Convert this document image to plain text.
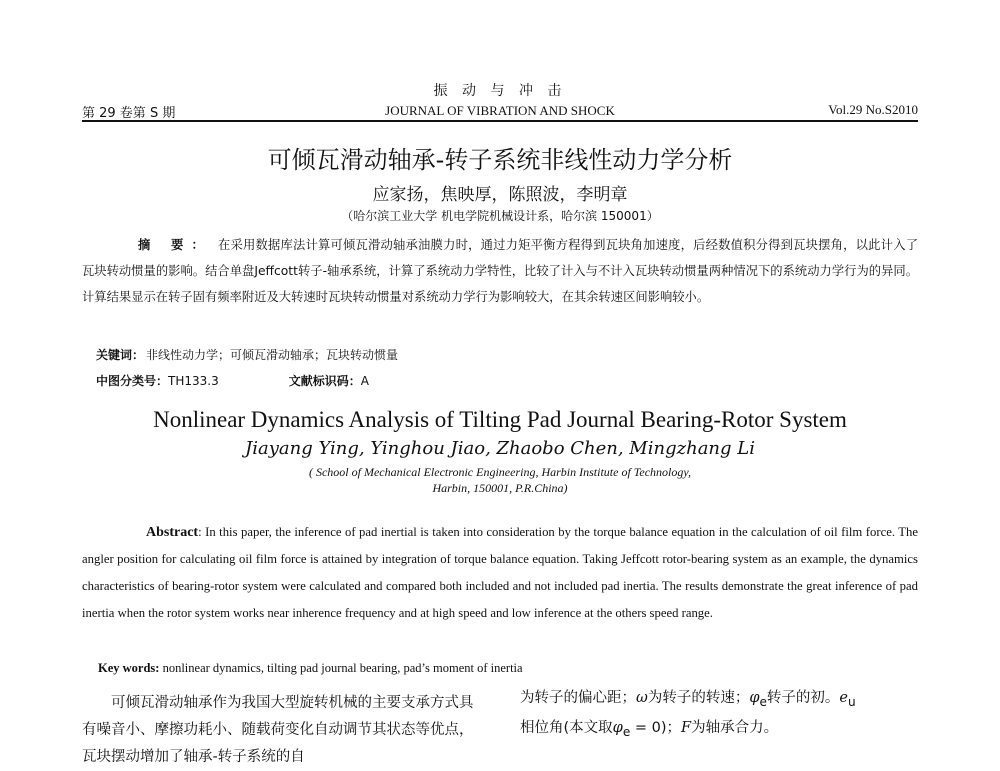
振 动 与 冲 击
第 29 卷第 S 期	JOURNAL OF VIBRATION AND SHOCK	Vol.29 No.S2010
可倾瓦滑动轴承-转子系统非线性动力学分析
应家扬，焦映厚，陈照波，李明章
（哈尔滨工业大学 机电学院机械设计系，哈尔滨 150001）
摘 要： 在采用数据库法计算可倾瓦滑动轴承油膜力时，通过力矩平衡方程得到瓦块角加速度，后经数值积分得到瓦块摆角，以此计入了瓦块转动惯量的影响。结合单盘Jeffcott转子-轴承系统，计算了系统动力学特性，比较了计入与不计入瓦块转动惯量两种情况下的系统动力学行为的异同。计算结果显示在转子固有频率附近及大转速时瓦块转动惯量对系统动力学行为影响较大，在其余转速区间影响较小。
关键词： 非线性动力学；可倾瓦滑动轴承；瓦块转动惯量
中图分类号：TH133.3	文献标识码：A
Nonlinear Dynamics Analysis of Tilting Pad Journal Bearing-Rotor System
Jiayang Ying, Yinghou Jiao, Zhaobo Chen, Mingzhang Li
( School of Mechanical Electronic Engineering, Harbin Institute of Technology,
Harbin, 150001, P.R.China)
Abstract: In this paper, the inference of pad inertial is taken into consideration by the torque balance equation in the calculation of oil film force. The angler position for calculating oil film force is attained by integration of torque balance equation. Taking Jeffcott rotor-bearing system as an example, the dynamics characteristics of bearing-rotor system were calculated and compared both included and not included pad inertia. The results demonstrate the great inference of pad inertia when the rotor system works near inherence frequency and at high speed and low inference at the others speed range.
Key words: nonlinear dynamics, tilting pad journal bearing, pad’s moment of inertia
可倾瓦滑动轴承作为我国大型旋转机械的主要支承方式具有噪音小、摩擦功耗小、随载荷变化自动调节其状态等优点，瓦块摆动增加了轴承-转子系统的自
为转子的偏心距；ω为转子的转速；$\varphi_e$转子的初。$e_u$
相位角(本文取$\varphi_e = 0$)；F为轴承合力。
